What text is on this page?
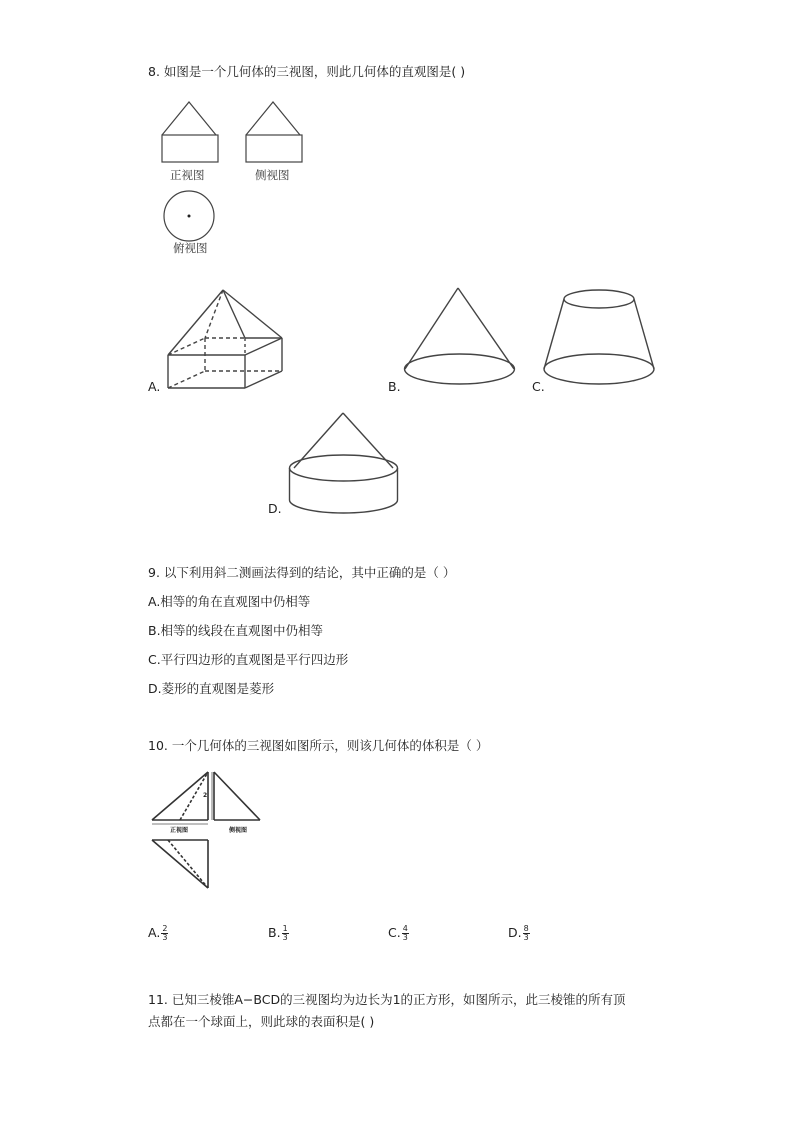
8. 如图是一个几何体的三视图，则此几何体的直观图是( )
正视图	侧视图
俯视图
A.	B.	C.
D.
9. 以下利用斜二测画法得到的结论，其中正确的是（ ）
A.相等的角在直观图中仍相等
B.相等的线段在直观图中仍相等
C.平行四边形的直观图是平行四边形
D.菱形的直观图是菱形
10. 一个几何体的三视图如图所示，则该几何体的体积是（ ）
正视图	侧视图
2
A. $\frac{2}{3}$	B. $\frac{1}{3}$	C. $\frac{4}{3}$	D. $\frac{8}{3}$
11. 已知三棱锥A−BCD的三视图均为边长为1的正方形，如图所示，此三棱锥的所有顶
点都在一个球面上，则此球的表面积是( )
